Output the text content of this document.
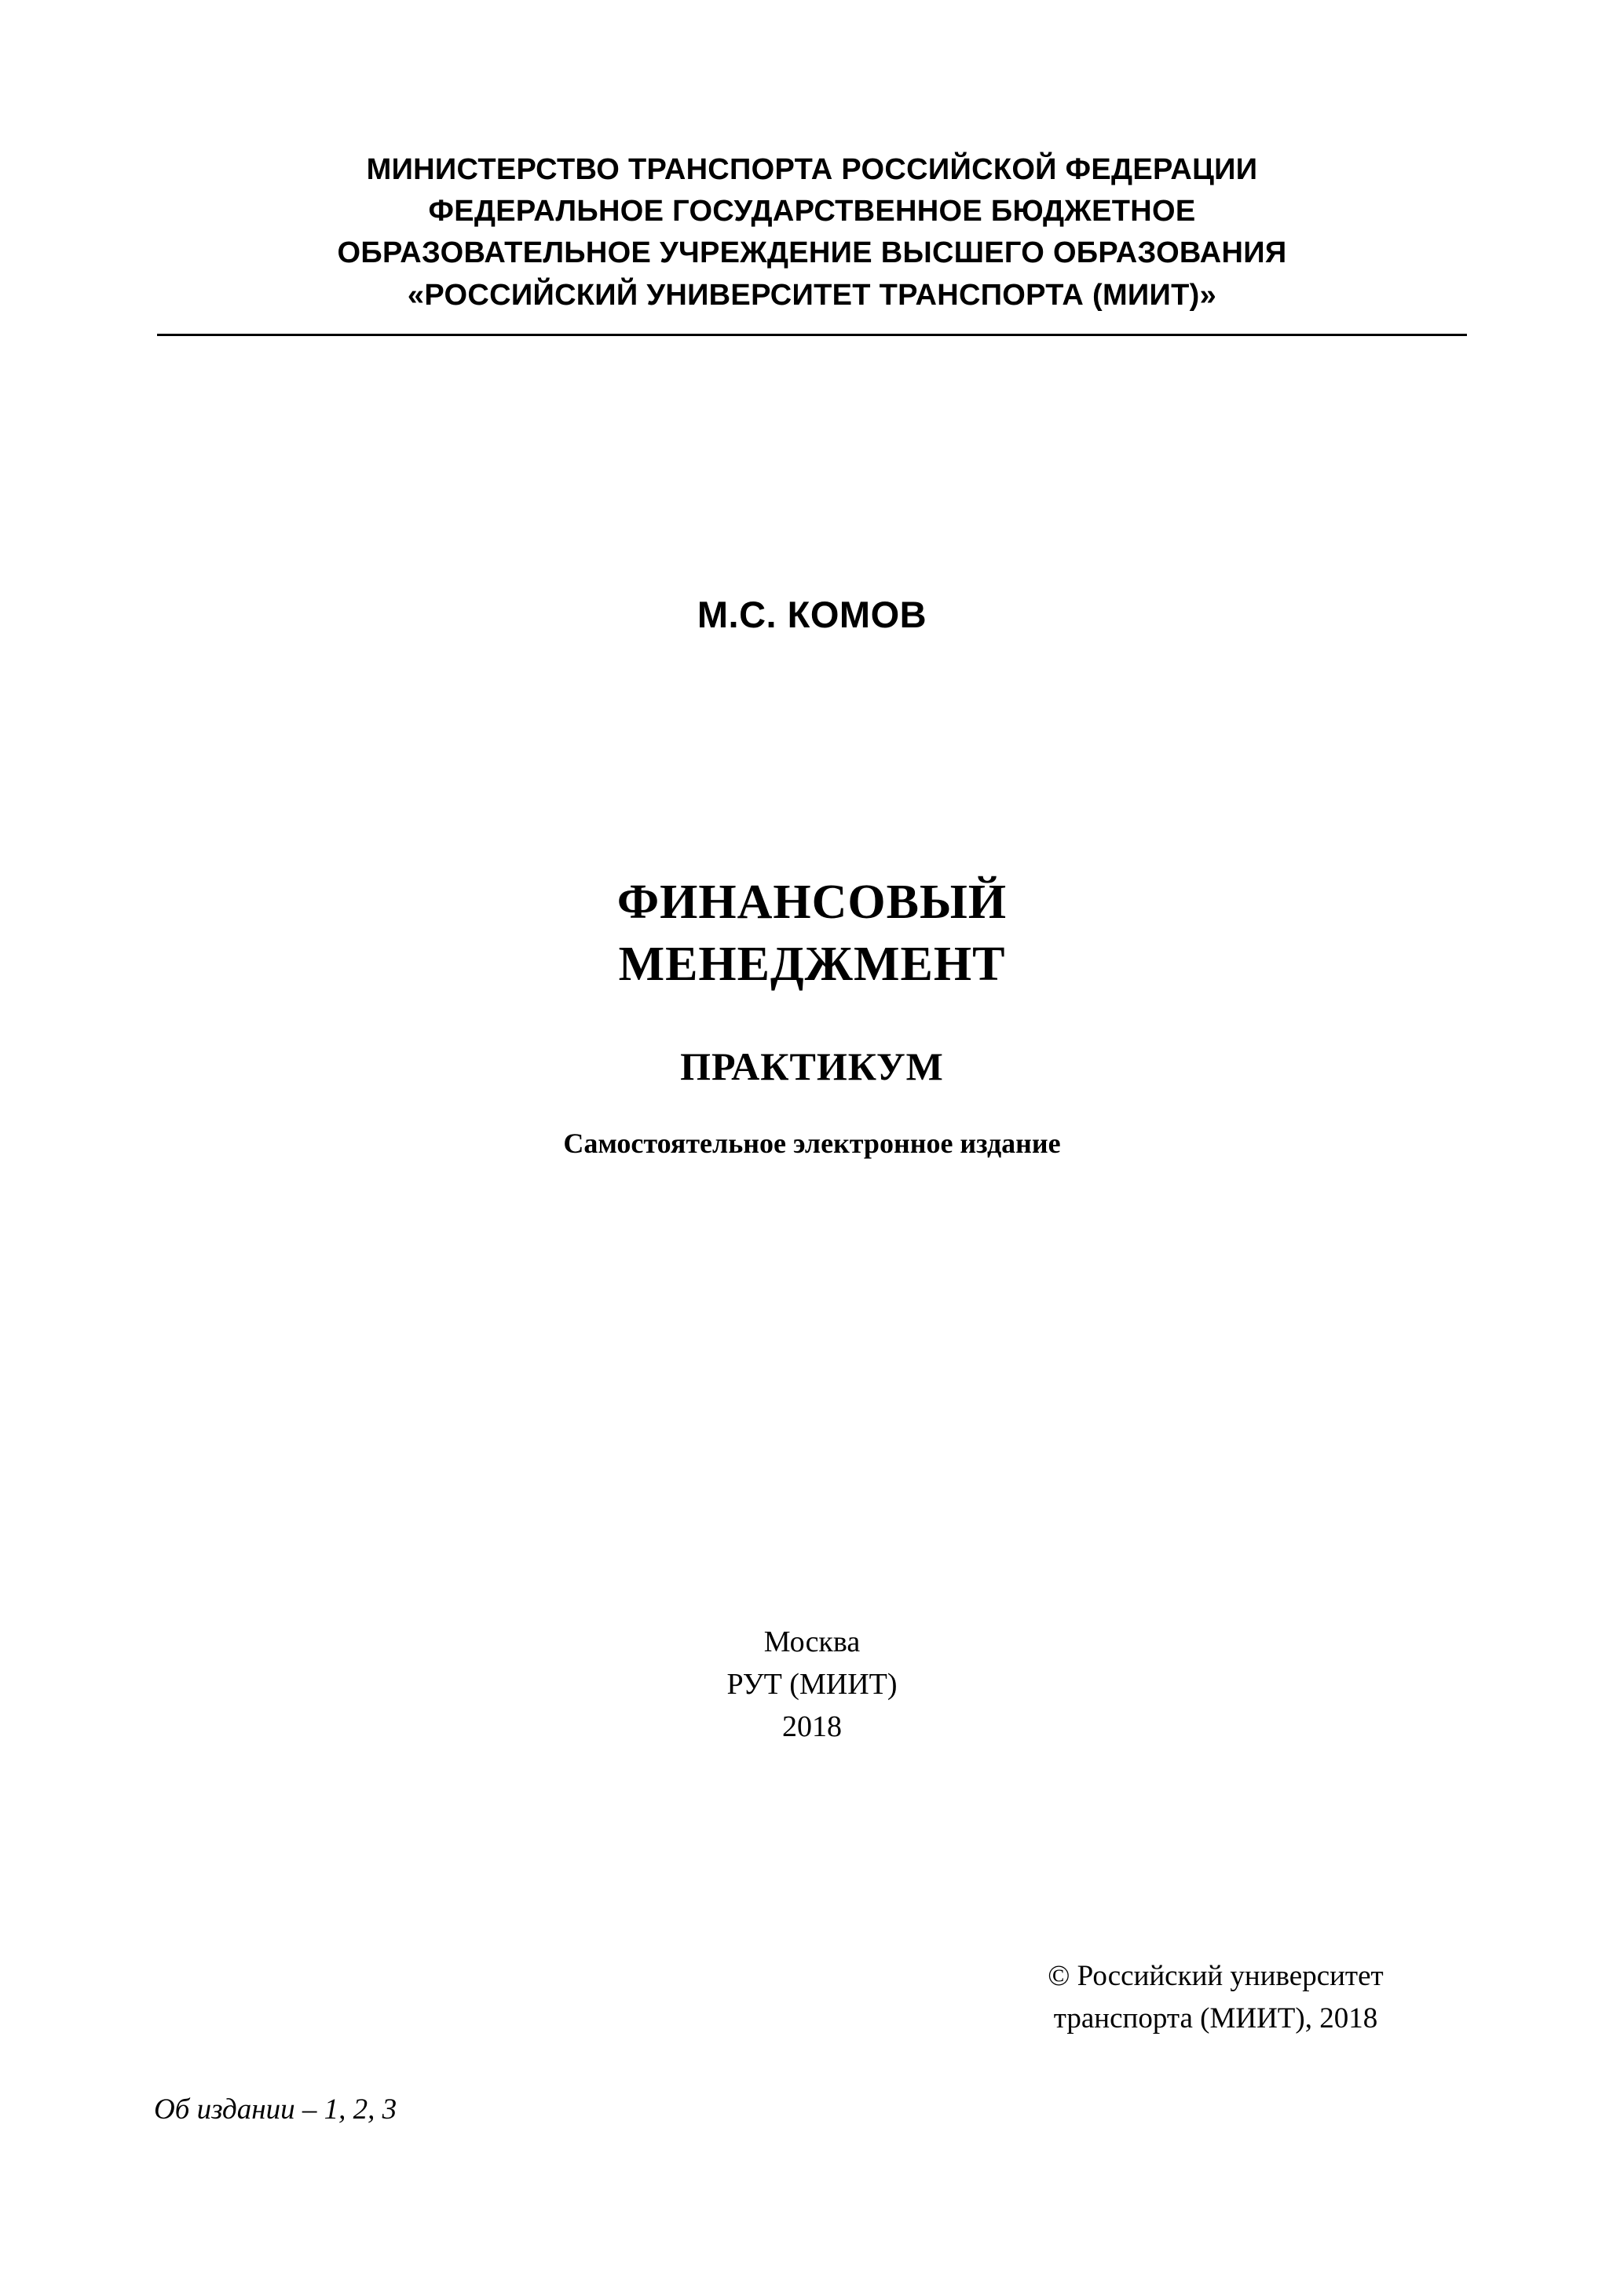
МИНИСТЕРСТВО ТРАНСПОРТА РОССИЙСКОЙ ФЕДЕРАЦИИ
ФЕДЕРАЛЬНОЕ ГОСУДАРСТВЕННОЕ БЮДЖЕТНОЕ
ОБРАЗОВАТЕЛЬНОЕ УЧРЕЖДЕНИЕ ВЫСШЕГО ОБРАЗОВАНИЯ
«РОССИЙСКИЙ УНИВЕРСИТЕТ ТРАНСПОРТА (МИИТ)»
М.С. КОМОВ
ФИНАНСОВЫЙ
МЕНЕДЖМЕНТ
ПРАКТИКУМ
Самостоятельное электронное издание
Москва
РУТ (МИИТ)
2018
© Российский университет
транспорта (МИИТ), 2018
Об издании – 1, 2, 3
